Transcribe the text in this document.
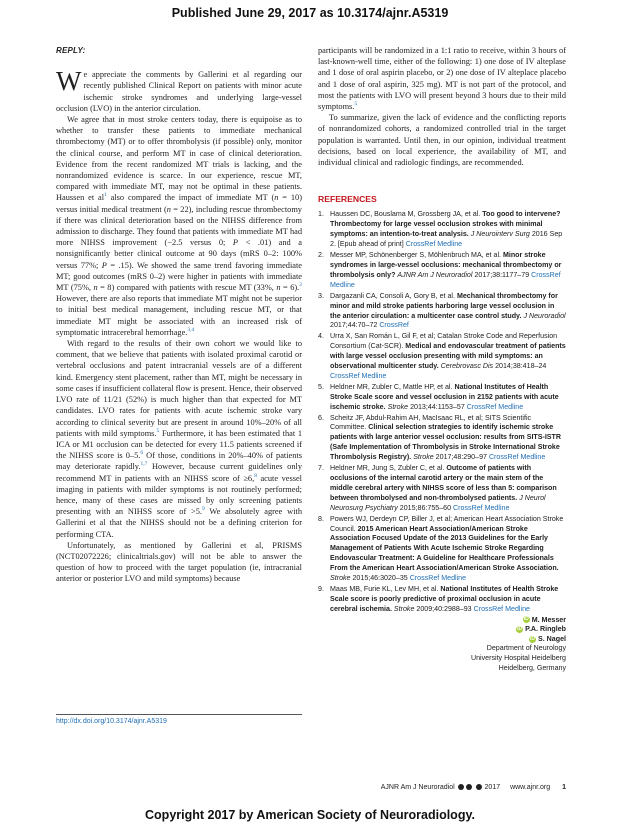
Published June 29, 2017 as 10.3174/ajnr.A5319
REPLY:

We appreciate the comments by Gallerini et al regarding our recently published Clinical Report on patients with minor acute ischemic stroke syndromes and underlying large-vessel occlusion (LVO) in the anterior circulation.

We agree that in most stroke centers today, there is equipoise as to whether to transfer these patients to immediate mechanical thrombectomy (MT) or to offer thrombolysis (if possible) only, monitor the clinical course, and perform MT in case of clinical deterioration. Evidence from the recent randomized MT trials is lacking, and the nonrandomized evidence is scarce. In our experience, rescue MT, compared with immediate MT, may not be optimal in these patients. Haussen et $al^1$ also compared the impact of immediate MT (n = 10) versus initial medical treatment (n = 22), including rescue thrombectomy if there was clinical deterioration based on the NIHSS difference from admission to discharge. They found that patients with immediate MT had more NIHSS improvement (−2.5 versus 0; P < .01) and a nonsignificantly better clinical outcome at 90 days (mRS 0–2: 100% versus 77%; P = .15). We showed the same trend favoring immediate MT; good outcomes (mRS 0–2) were higher in patients with immediate MT (75%, n = 8) compared with patients with rescue MT (33%, n = 6).$^2$ However, there are also reports that immediate MT might not be superior to initial best medical management, including rescue MT, or that immediate MT might be associated with an increased risk of symptomatic intracerebral hemorrhage.$^{3,4}$

With regard to the results of their own cohort we would like to comment, that we believe that patients with isolated proximal carotid or vertebral occlusions and patent intracranial vessels are of a different kind. Emergency stent placement, rather than MT, might be necessary in some cases if insufficient collateral flow is present. Hence, their observed LVO rate of 11/21 (52%) is much higher than that expected for MT candidates. LVO rates for patients with acute ischemic stroke vary according to clinical severity but are present in around 10%–20% of all patients with mild symptoms.$^5$ Furthermore, it has been estimated that 1 ICA or M1 occlusion can be detected for every 11.5 patients screened if the NIHSS score is 0–5.$^6$ Of those, conditions in 20%–40% of patients may deteriorate rapidly.$^{1,7}$ However, because current guidelines only recommend MT in patients with an NIHSS score of ≥6,$^8$ acute vessel imaging in patients with milder symptoms is not routinely performed; hence, many of these cases are missed by only screening patients presenting with an NIHSS score of >5.$^9$ We absolutely agree with Gallerini et al that the NIHSS should not be a defining criterion for performing CTA.

Unfortunately, as mentioned by Gallerini et al, PRISMS (NCT02072226; clinicaltrials.gov) will not be able to answer the question of how to proceed with the target population (ie, intracranial anterior or posterior LVO and mild symptoms) because

http://dx.doi.org/10.3174/ajnr.A5319

participants will be randomized in a 1:1 ratio to receive, within 3 hours of last-known-well time, either of the following: 1) one dose of IV alteplase and 1 dose of oral aspirin placebo, or 2) one dose of IV alteplace placebo and 1 dose of oral aspirin, 325 mg). MT is not part of the protocol, and most the patients with LVO will present beyond 3 hours due to their mild symptoms.$^5$

To summarize, given the lack of evidence and the conflicting reports of nonrandomized cohorts, a randomized controlled trial in the target population is warranted. Until then, in our opinion, individual treatment decisions, based on local experience, the availability of MT, and individual clinical and radiologic findings, are recommended.

REFERENCES
1. Haussen DC, Bouslama M, Grossberg JA, et al. Too good to intervene? Thrombectomy for large vessel occlusion strokes with minimal symptoms: an intention-to-treat analysis. J Neurointerv Surg 2016 Sep 2. [Epub ahead of print] CrossRef Medline
2. Messer MP, Schönenberger S, Möhlenbruch MA, et al. Minor stroke syndromes in large-vessel occlusions: mechanical thrombectomy or thrombolysis only? AJNR Am J Neuroradiol 2017;38:1177–79 CrossRef Medline
3. Dargazanli CA, Consoli A, Gory B, et al. Mechanical thrombectomy for minor and mild stroke patients harboring large vessel occlusion in the anterior circulation: a multicenter case control study. J Neuroradiol 2017;44:70–72 CrossRef
4. Urra X, San Román L, Gil F, et al; Catalan Stroke Code and Reperfusion Consortium (Cat-SCR). Medical and endovascular treatment of patients with large vessel occlusion presenting with mild symptoms: an observational multicenter study. Cerebrovasc Dis 2014;38:418–24 CrossRef Medline
5. Heldner MR, Zubler C, Mattle HP, et al. National Institutes of Health Stroke Scale score and vessel occlusion in 2152 patients with acute ischemic stroke. Stroke 2013;44:1153–57 CrossRef Medline
6. Scheitz JF, Abdul-Rahim AH, MacIsaac RL, et al; SITS Scientific Committee. Clinical selection strategies to identify ischemic stroke patients with large anterior vessel occlusion: results from SITS-ISTR (Safe Implementation of Thrombolysis in Stroke International Stroke Thrombolysis Registry). Stroke 2017;48:290–97 CrossRef Medline
7. Heldner MR, Jung S, Zubler C, et al. Outcome of patients with occlusions of the internal carotid artery or the main stem of the middle cerebral artery with NIHSS score of less than 5: comparison between thrombolysed and non-thrombolysed patients. J Neurol Neurosurg Psychiatry 2015;86:755–60 CrossRef Medline
8. Powers WJ, Derdeyn CP, Biller J, et al; American Heart Association Stroke Council. 2015 American Heart Association/American Stroke Association Focused Update of the 2013 Guidelines for the Early Management of Patients With Acute Ischemic Stroke Regarding Endovascular Treatment: A Guideline for Healthcare Professionals From the American Heart Association/American Stroke Association. Stroke 2015;46:3020–35 CrossRef Medline
9. Maas MB, Furie KL, Lev MH, et al. National Institutes of Health Stroke Scale score is poorly predictive of proximal occlusion in acute cerebral ischemia. Stroke 2009;40:2988–93 CrossRef Medline
iD M. Messer
iD P.A. Ringleb
iD S. Nagel
Department of Neurology
University Hospital Heidelberg
Heidelberg, Germany
AJNR Am J Neuroradiol	2017 www.ajnr.org 1
Copyright 2017 by American Society of Neuroradiology.
